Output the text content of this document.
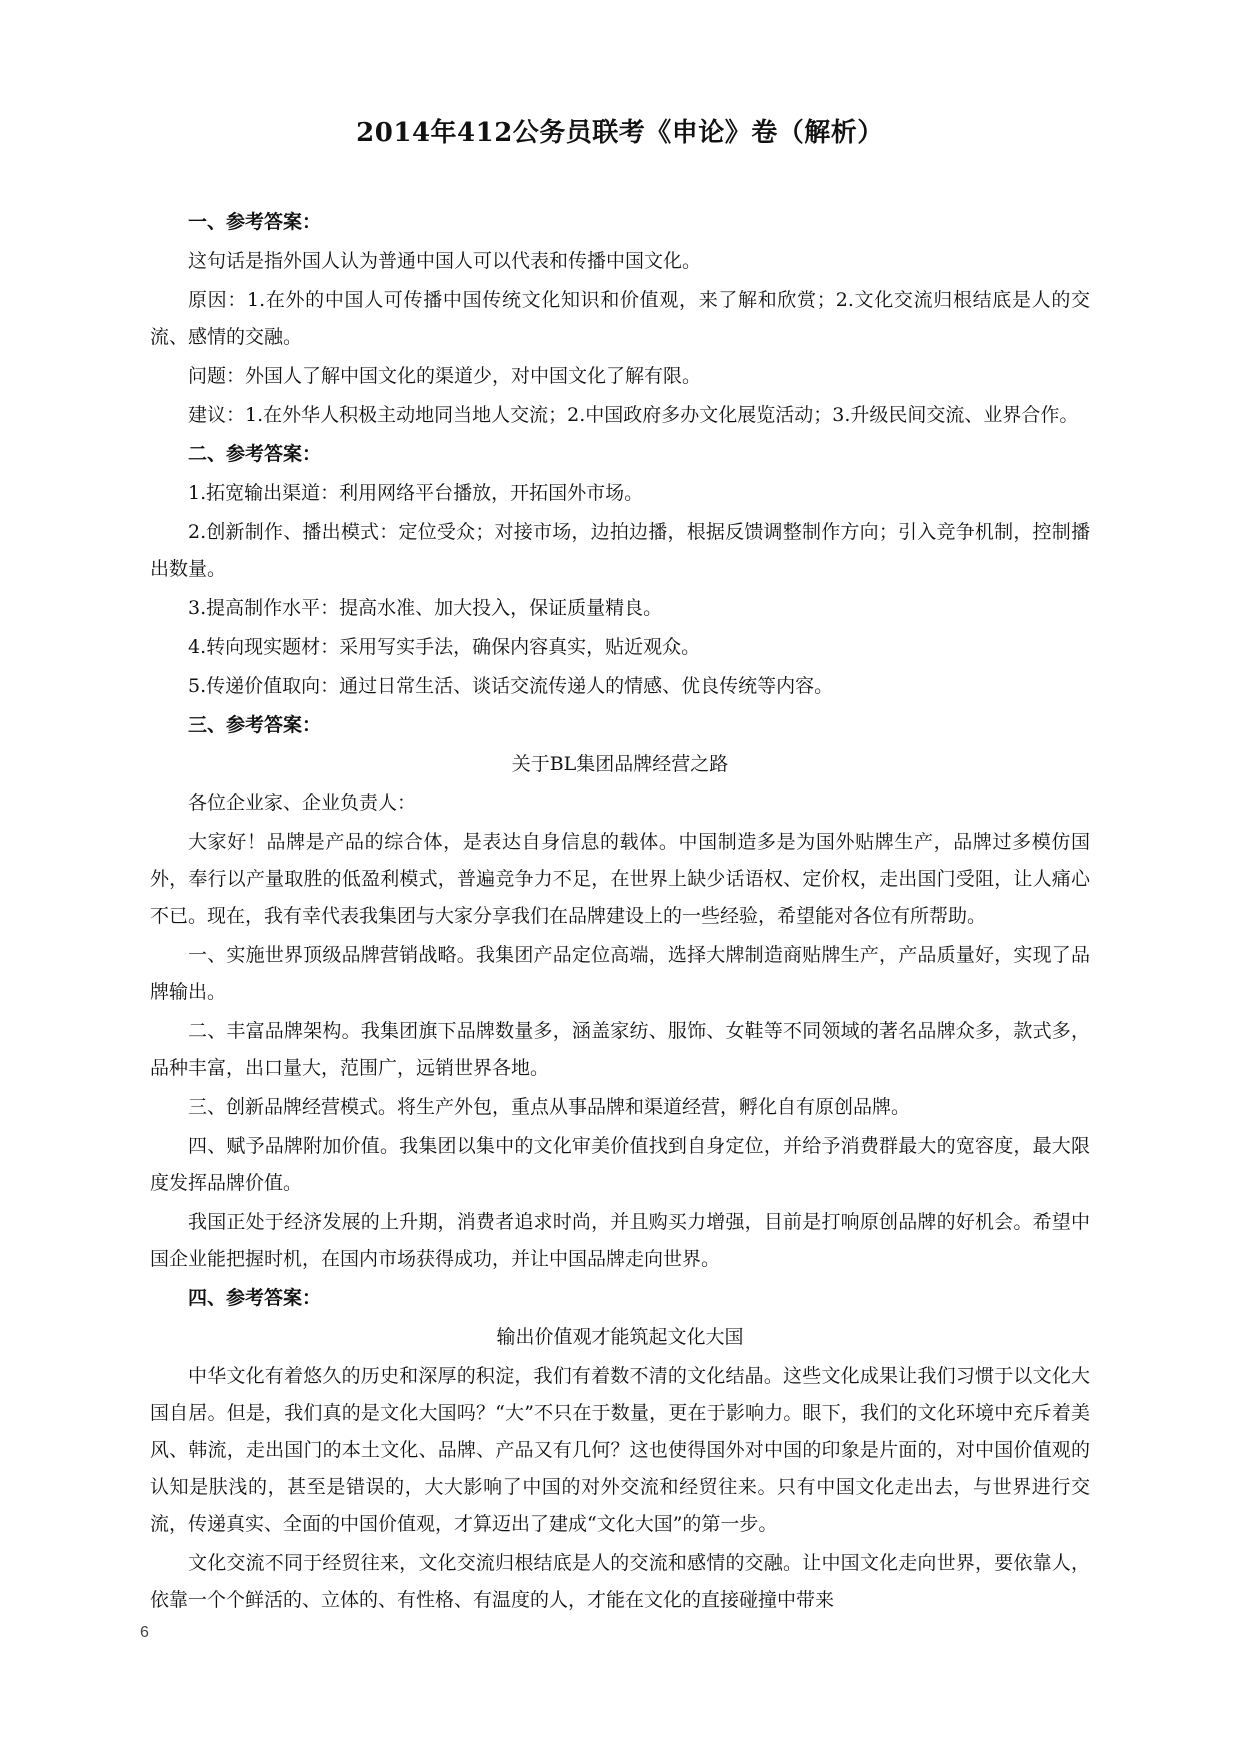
2014年412公务员联考《申论》卷（解析）
一、参考答案：

这句话是指外国人认为普通中国人可以代表和传播中国文化。

原因：1.在外的中国人可传播中国传统文化知识和价值观，来了解和欣赏；2.文化交流归根结底是人的交流、感情的交融。

问题：外国人了解中国文化的渠道少，对中国文化了解有限。

建议：1.在外华人积极主动地同当地人交流；2.中国政府多办文化展览活动；3.升级民间交流、业界合作。

二、参考答案：

1.拓宽输出渠道：利用网络平台播放，开拓国外市场。

2.创新制作、播出模式：定位受众；对接市场，边拍边播，根据反馈调整制作方向；引入竞争机制，控制播出数量。

3.提高制作水平：提高水准、加大投入，保证质量精良。

4.转向现实题材：采用写实手法，确保内容真实，贴近观众。

5.传递价值取向：通过日常生活、谈话交流传递人的情感、优良传统等内容。

三、参考答案：

关于BL集团品牌经营之路

各位企业家、企业负责人：

大家好！品牌是产品的综合体，是表达自身信息的载体。中国制造多是为国外贴牌生产，品牌过多模仿国外，奉行以产量取胜的低盈利模式，普遍竞争力不足，在世界上缺少话语权、定价权，走出国门受阻，让人痛心不已。现在，我有幸代表我集团与大家分享我们在品牌建设上的一些经验，希望能对各位有所帮助。

一、实施世界顶级品牌营销战略。我集团产品定位高端，选择大牌制造商贴牌生产，产品质量好，实现了品牌输出。

二、丰富品牌架构。我集团旗下品牌数量多，涵盖家纺、服饰、女鞋等不同领域的著名品牌众多，款式多，品种丰富，出口量大，范围广，远销世界各地。

三、创新品牌经营模式。将生产外包，重点从事品牌和渠道经营，孵化自有原创品牌。

四、赋予品牌附加价值。我集团以集中的文化审美价值找到自身定位，并给予消费群最大的宽容度，最大限度发挥品牌价值。

我国正处于经济发展的上升期，消费者追求时尚，并且购买力增强，目前是打响原创品牌的好机会。希望中国企业能把握时机，在国内市场获得成功，并让中国品牌走向世界。

四、参考答案：

输出价值观才能筑起文化大国

中华文化有着悠久的历史和深厚的积淀，我们有着数不清的文化结晶。这些文化成果让我们习惯于以文化大国自居。但是，我们真的是文化大国吗？“大”不只在于数量，更在于影响力。眼下，我们的文化环境中充斥着美风、韩流，走出国门的本土文化、品牌、产品又有几何？这也使得国外对中国的印象是片面的，对中国价值观的认知是肤浅的，甚至是错误的，大大影响了中国的对外交流和经贸往来。只有中国文化走出去，与世界进行交流，传递真实、全面的中国价值观，才算迈出了建成“文化大国”的第一步。

文化交流不同于经贸往来，文化交流归根结底是人的交流和感情的交融。让中国文化走向世界，要依靠人，依靠一个个鲜活的、立体的、有性格、有温度的人，才能在文化的直接碰撞中带来

6
